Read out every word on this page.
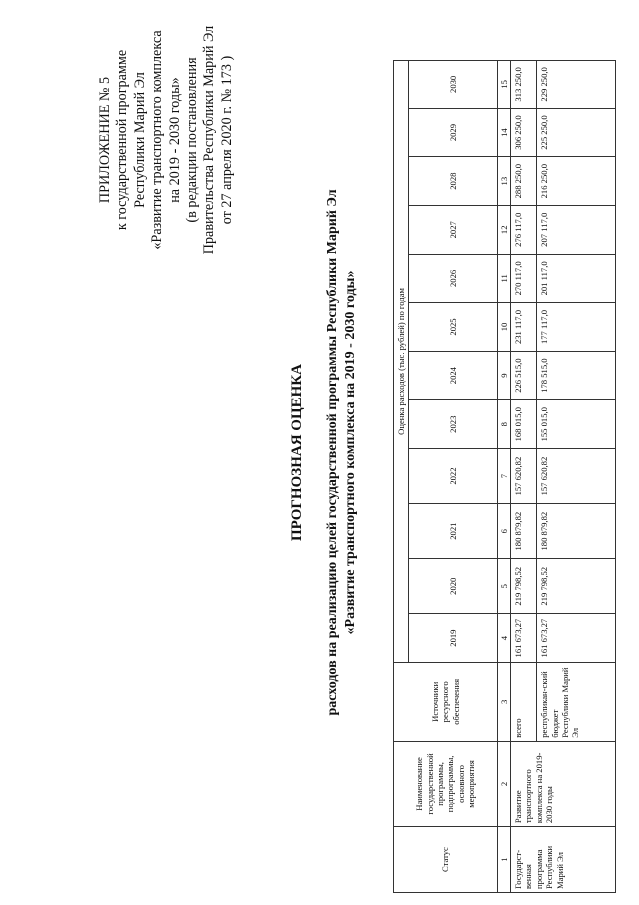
ПРИЛОЖЕНИЕ № 5 к государственной программе Республики Марий Эл «Развитие транспортного комплекса на 2019 - 2030 годы» (в редакции постановления Правительства Республики Марий Эл от 27 апреля 2020 г. № 173 )
ПРОГНОЗНАЯ ОЦЕНКА расходов на реализацию целей государственной программы Республики Марий Эл «Развитие транспортного комплекса на 2019 - 2030 годы»
Статус	Наименование государственной программы, подпрограммы, основного мероприятия	Источники ресурсного обеспечения	Оценка расходов (тыс. рублей) по годам											
			2019	2020	2021	2022	2023	2024	2025	2026	2027	2028	2029	2030
1	2	3	4	5	6	7	8	9	10	11	12	13	14	15
Государст-венная программа Республики Марий Эл	Развитие транспортного комплекса на 2019-2030 годы	всего	161 673,27	219 798,52	180 879,82	157 620,82	168 015,0	226 515,0	231 117,0	270 117,0	276 117,0	288 250,0	306 250,0	313 250,0
		республикан-ский бюджет Республики Марий Эл	161 673,27	219 798,52	180 879,82	157 620,82	155 015,0	178 515,0	177 117,0	201 117,0	207 117,0	216 250,0	225 250,0	229 250,0
